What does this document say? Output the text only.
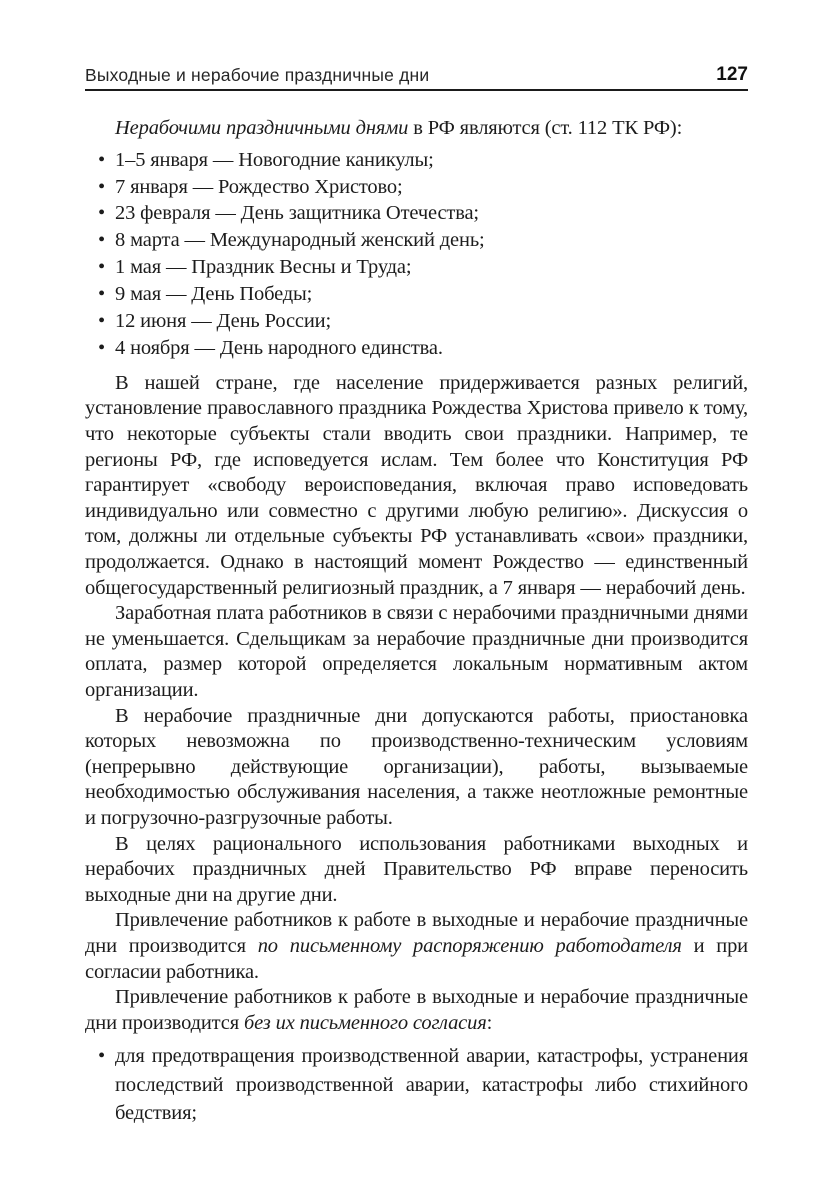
Выходные и нерабочие праздничные дни	127

Нерабочими праздничными днями в РФ являются (ст. 112 ТК РФ):

• 1–5 января — Новогодние каникулы;
• 7 января — Рождество Христово;
• 23 февраля — День защитника Отечества;
• 8 марта — Международный женский день;
• 1 мая — Праздник Весны и Труда;
• 9 мая — День Победы;
• 12 июня — День России;
• 4 ноября — День народного единства.

В нашей стране, где население придерживается разных религий, установление православного праздника Рождества Христова привело к тому, что некоторые субъекты стали вводить свои праздники. Например, те регионы РФ, где исповедуется ислам. Тем более что Конституция РФ гарантирует «свободу вероисповедания, включая право исповедовать индивидуально или совместно с другими любую религию». Дискуссия о том, должны ли отдельные субъекты РФ устанавливать «свои» праздники, продолжается. Однако в настоящий момент Рождество — единственный общегосударственный религиозный праздник, а 7 января — нерабочий день.

Заработная плата работников в связи с нерабочими праздничными днями не уменьшается. Сдельщикам за нерабочие праздничные дни производится оплата, размер которой определяется локальным нормативным актом организации.

В нерабочие праздничные дни допускаются работы, приостановка которых невозможна по производственно-техническим условиям (непрерывно действующие организации), работы, вызываемые необходимостью обслуживания населения, а также неотложные ремонтные и погрузочно-разгрузочные работы.

В целях рационального использования работниками выходных и нерабочих праздничных дней Правительство РФ вправе переносить выходные дни на другие дни.

Привлечение работников к работе в выходные и нерабочие праздничные дни производится по письменному распоряжению работодателя и при согласии работника.

Привлечение работников к работе в выходные и нерабочие праздничные дни производится без их письменного согласия:

• для предотвращения производственной аварии, катастрофы, устранения последствий производственной аварии, катастрофы либо стихийного бедствия;
